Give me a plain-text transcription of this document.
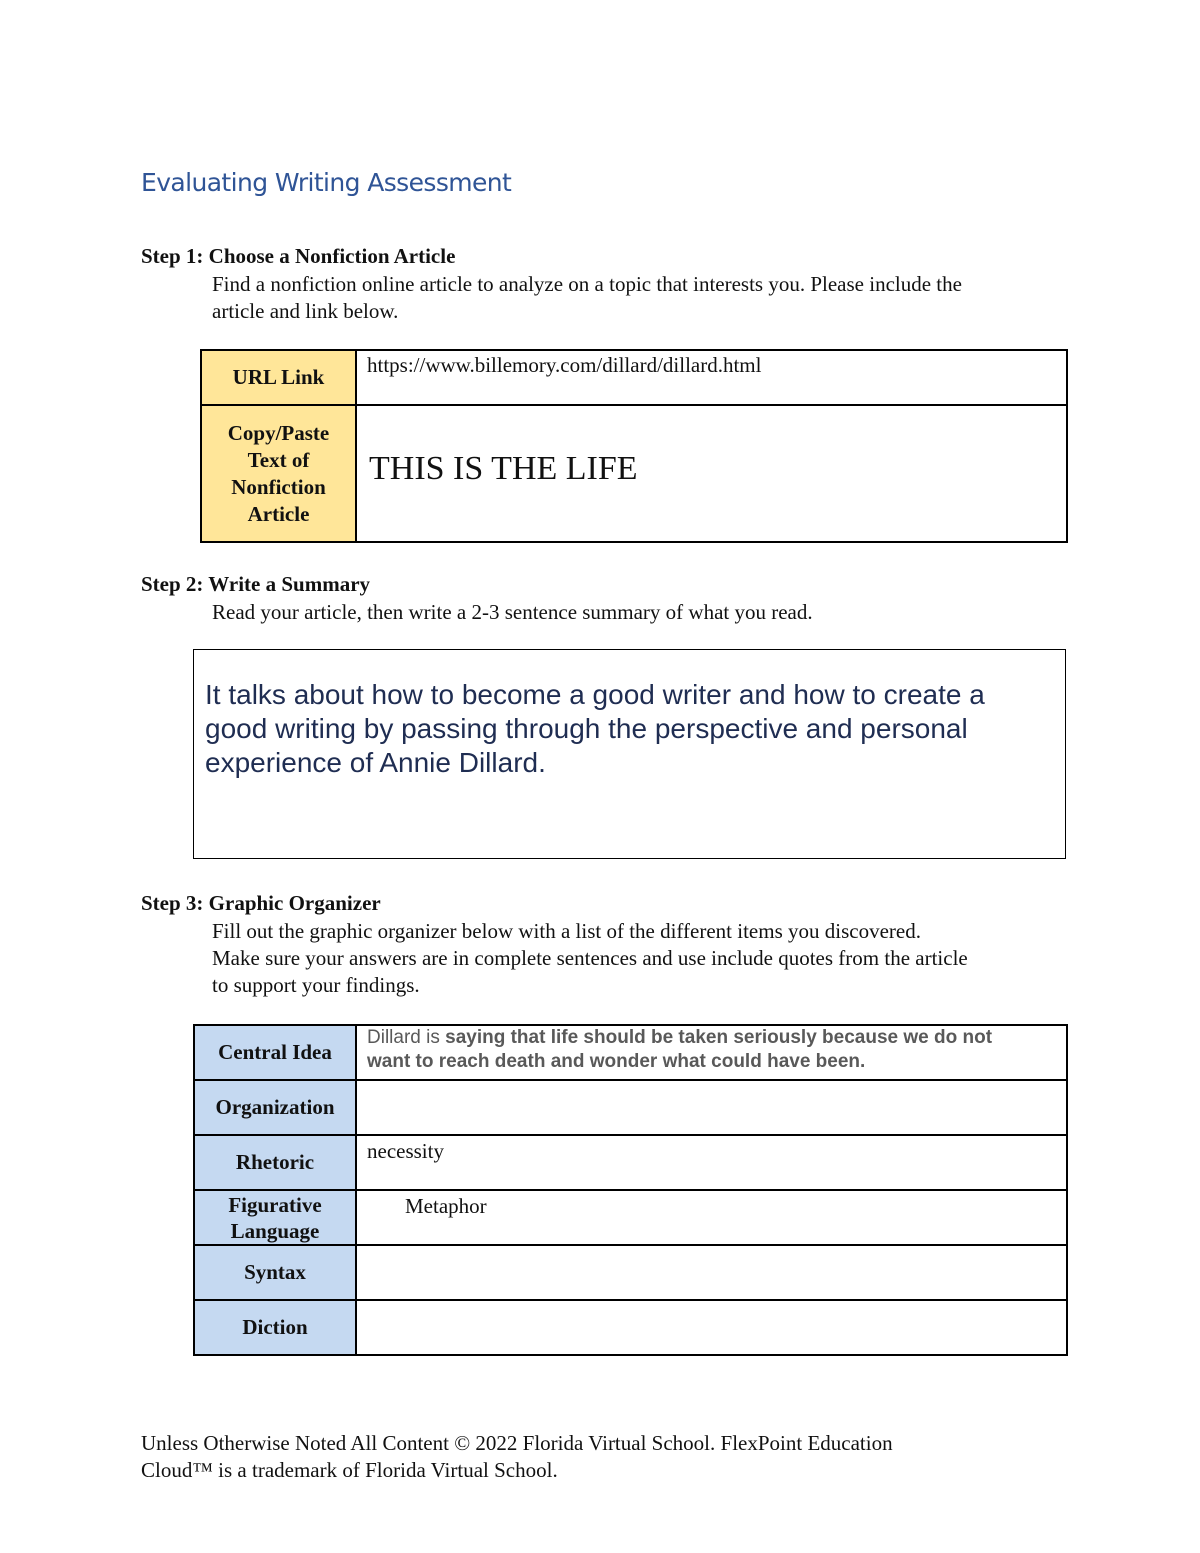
Evaluating Writing Assessment

Step 1: Choose a Nonfiction Article

Find a nonfiction online article to analyze on a topic that interests you. Please include the
article and link below.
URL Link	https://www.billemory.com/dillard/dillard.html

Copy/Paste
Text of
Nonfiction
Article	THIS IS THE LIFE

Step 2: Write a Summary

Read your article, then write a 2-3 sentence summary of what you read.
It talks about how to become a good writer and how to create a
good writing by passing through the perspective and personal
experience of Annie Dillard.

Step 3: Graphic Organizer

Fill out the graphic organizer below with a list of the different items you discovered.
Make sure your answers are in complete sentences and use include quotes from the article
to support your findings.
Central Idea	Dillard is saying that life should be taken seriously because we do not
want to reach death and wonder what could have been.

Organization	
Rhetoric	necessity

Figurative
Language	Metaphor
Syntax	
Diction	
Unless Otherwise Noted All Content © 2022 Florida Virtual School. FlexPoint Education
Cloud™ is a trademark of Florida Virtual School.
